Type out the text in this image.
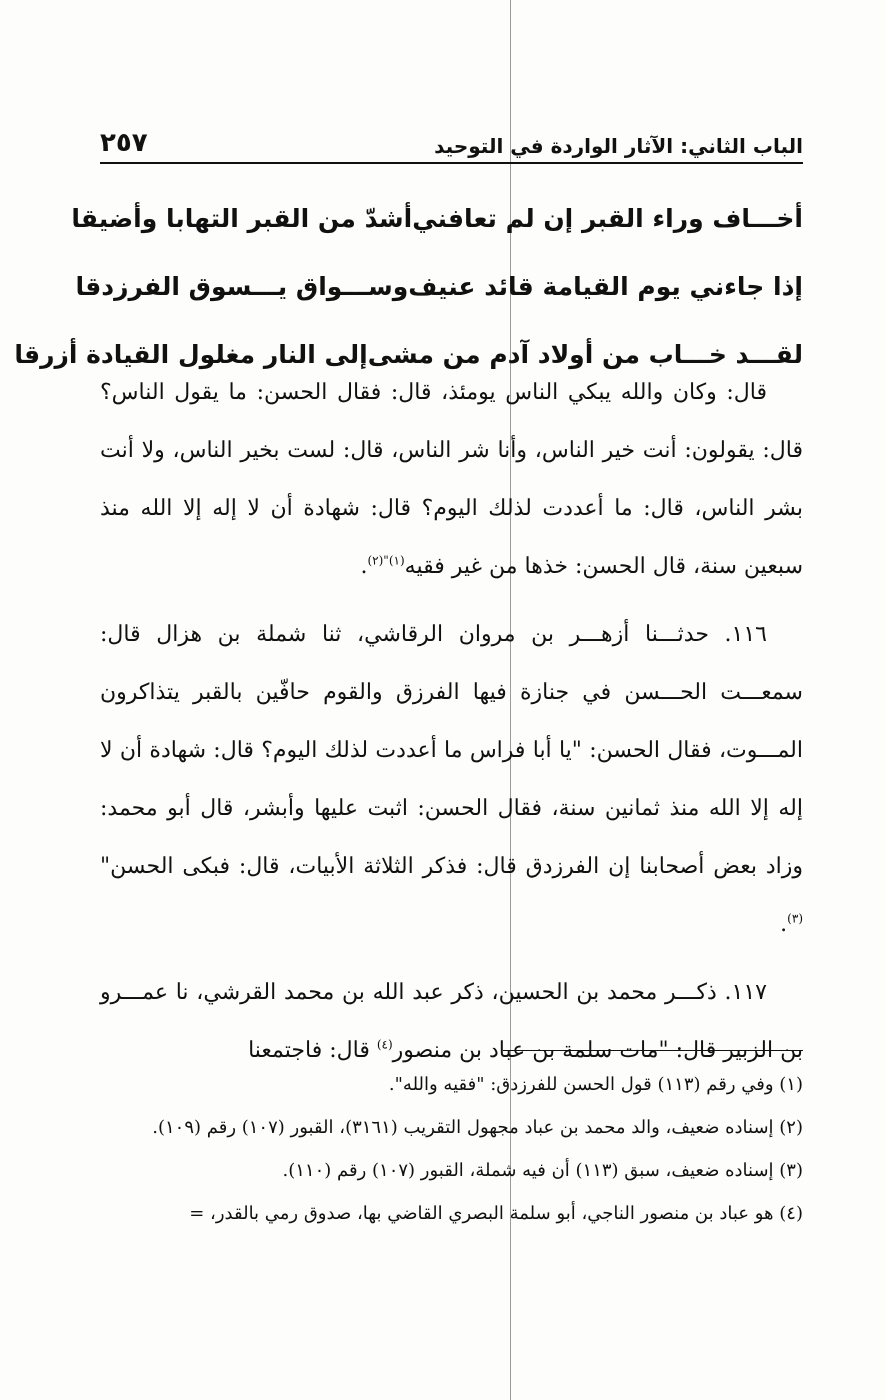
الباب الثاني: الآثار الواردة في التوحيد
٢٥٧
أخـــاف وراء القبر إن لم تعافني
أشدّ من القبر التهابا وأضيقا
إذا جاءني يوم القيامة قائد عنيف
وســـواق يـــسوق الفرزدقا
لقـــد خـــاب من أولاد آدم من مشى
إلى النار مغلول القيادة أزرقا

قال: وكان والله يبكي الناس يومئذ، قال: فقال الحسن: ما يقول الناس؟ قال: يقولون: أنت خير الناس، وأنا شر الناس، قال: لست بخير الناس، ولا أنت بشر الناس، قال: ما أعددت لذلك اليوم؟ قال: شهادة أن لا إله إلا الله منذ سبعين سنة، قال الحسن: خذها من غير فقيه$^{(١)"(٢)}$.

١١٦. حدثـــنا أزهـــر بن مروان الرقاشي، ثنا شملة بن هزال قال: سمعـــت الحـــسن في جنازة فيها الفرزق والقوم حافّين بالقبر يتذاكرون المـــوت، فقال الحسن: "يا أبا فراس ما أعددت لذلك اليوم؟ قال: شهادة أن لا إله إلا الله منذ ثمانين سنة، فقال الحسن: اثبت عليها وأبشر، قال أبو محمد: وزاد بعض أصحابنا إن الفرزدق قال: فذكر الثلاثة الأبيات، قال: فبكى الحسن"$^{(٣)}$.

١١٧. ذكـــر محمد بن الحسين، ذكر عبد الله بن محمد القرشي، نا عمـــرو بن الزبير قال: "مات سلمة بن عباد بن منصور$^{(٤)}$ قال: فاجتمعنا

(١) وفي رقم (١١٣) قول الحسن للفرزدق: "فقيه والله".

(٢) إسناده ضعيف، والد محمد بن عباد مجهول التقريب (٣١٦١)، القبور (١٠٧) رقم (١٠٩).

(٣) إسناده ضعيف، سبق (١١٣) أن فيه شملة، القبور (١٠٧) رقم (١١٠).

(٤) هو عباد بن منصور الناجي، أبو سلمة البصري القاضي بها، صدوق رمي بالقدر، =
